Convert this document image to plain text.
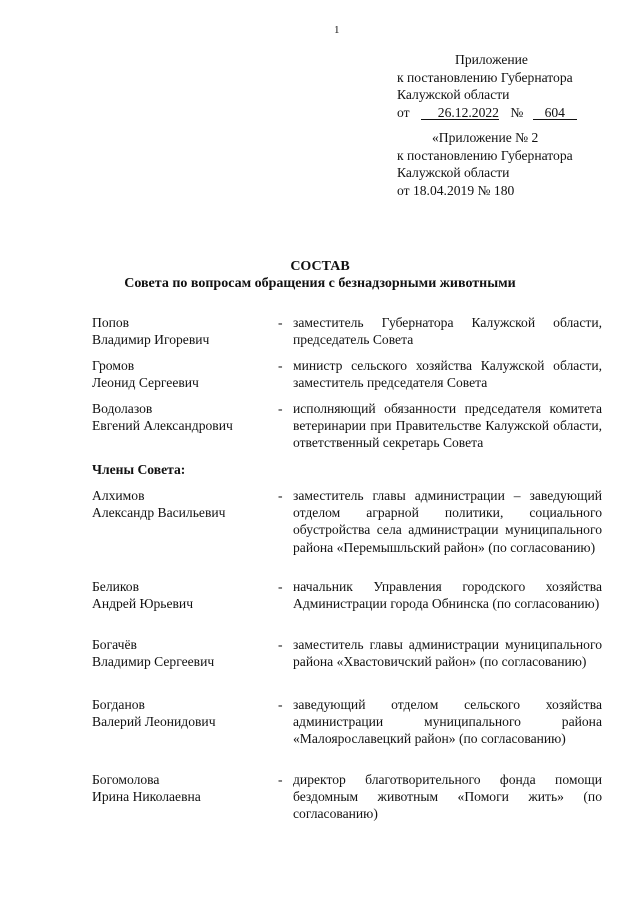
1
Приложение
к постановлению Губернатора
Калужской области
от 26.12.2022 № 604
«Приложение № 2
к постановлению Губернатора
Калужской области
от 18.04.2019 № 180
СОСТАВ
Совета по вопросам обращения с безнадзорными животными
Попов
Владимир Игоревич
- заместитель Губернатора Калужской области, председатель Совета
Громов
Леонид Сергеевич
- министр сельского хозяйства Калужской области, заместитель председателя Совета
Водолазов
Евгений Александрович
- исполняющий обязанности председателя комитета ветеринарии при Правительстве Калужской области, ответственный секретарь Совета
Члены Совета:
Алхимов
Александр Васильевич
- заместитель главы администрации – заведующий отделом аграрной политики, социального обустройства села администрации муниципального района «Перемышльский район» (по согласованию)
Беликов
Андрей Юрьевич
- начальник Управления городского хозяйства Администрации города Обнинска (по согласованию)
Богачёв
Владимир Сергеевич
- заместитель главы администрации муниципального района «Хвастовичский район» (по согласованию)
Богданов
Валерий Леонидович
- заведующий отделом сельского хозяйства администрации муниципального района «Малоярославецкий район» (по согласованию)
Богомолова
Ирина Николаевна
- директор благотворительного фонда помощи бездомным животным «Помоги жить» (по согласованию)
